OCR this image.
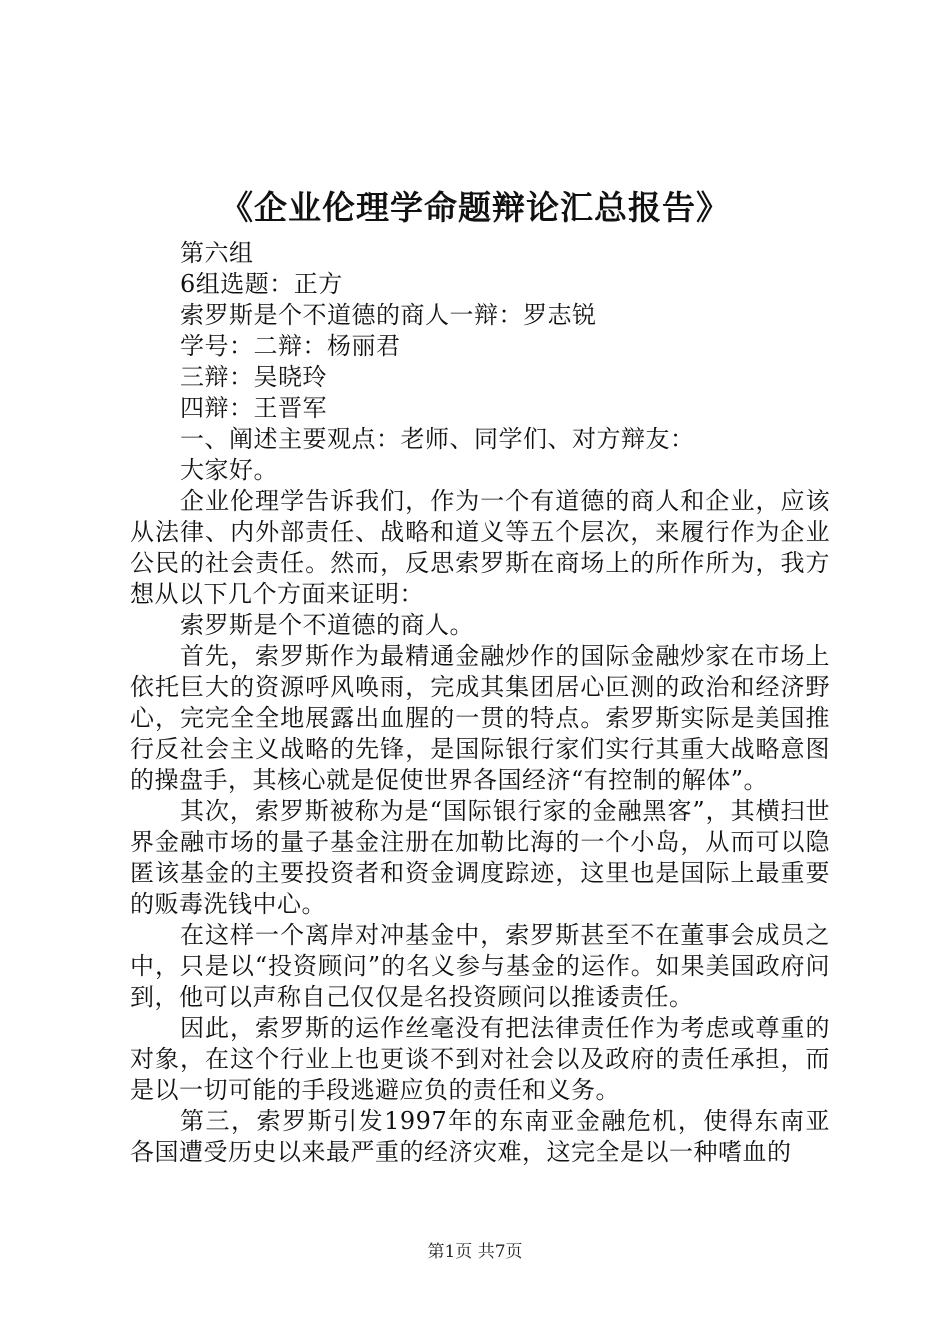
《企业伦理学命题辩论汇总报告》

第六组

6组选题：正方

索罗斯是个不道德的商人一辩：罗志锐

学号：二辩：杨丽君

三辩：吴晓玲

四辩：王晋军

一、阐述主要观点：老师、同学们、对方辩友：

大家好。

企业伦理学告诉我们，作为一个有道德的商人和企业，应该从法律、内外部责任、战略和道义等五个层次，来履行作为企业公民的社会责任。然而，反思索罗斯在商场上的所作所为，我方想从以下几个方面来证明：

索罗斯是个不道德的商人。

首先，索罗斯作为最精通金融炒作的国际金融炒家在市场上依托巨大的资源呼风唤雨，完成其集团居心叵测的政治和经济野心，完完全全地展露出血腥的一贯的特点。索罗斯实际是美国推行反社会主义战略的先锋，是国际银行家们实行其重大战略意图的操盘手，其核心就是促使世界各国经济“有控制的解体”。

其次，索罗斯被称为是“国际银行家的金融黑客”，其横扫世界金融市场的量子基金注册在加勒比海的一个小岛，从而可以隐匿该基金的主要投资者和资金调度踪迹，这里也是国际上最重要的贩毒洗钱中心。

在这样一个离岸对冲基金中，索罗斯甚至不在董事会成员之中，只是以“投资顾问”的名义参与基金的运作。如果美国政府问到，他可以声称自己仅仅是名投资顾问以推诿责任。

因此，索罗斯的运作丝毫没有把法律责任作为考虑或尊重的对象，在这个行业上也更谈不到对社会以及政府的责任承担，而是以一切可能的手段逃避应负的责任和义务。

第三，索罗斯引发1997年的东南亚金融危机，使得东南亚各国遭受历史以来最严重的经济灾难，这完全是以一种嗜血的

第1页 共7页
